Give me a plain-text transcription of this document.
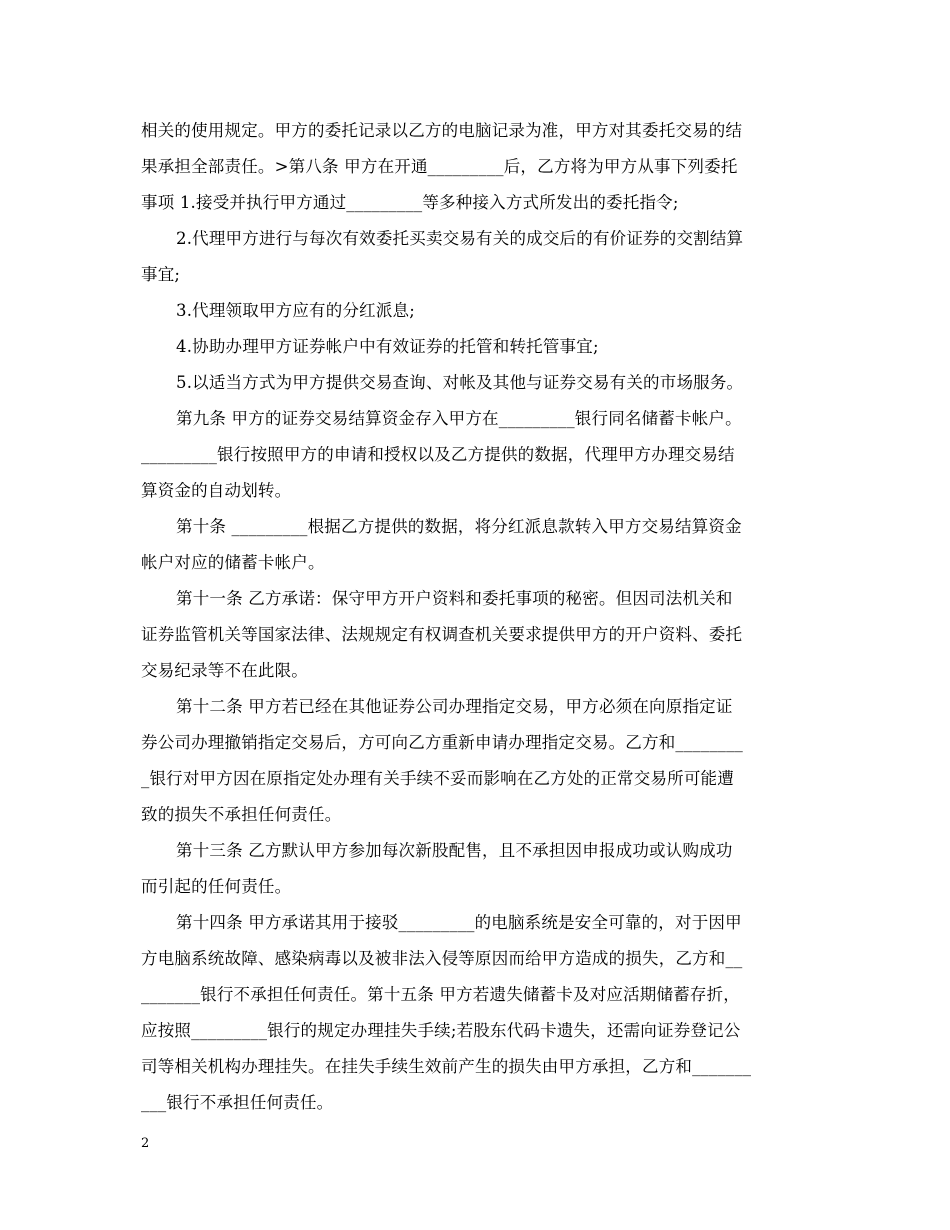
相关的使用规定。甲方的委托记录以乙方的电脑记录为准，甲方对其委托交易的结
果承担全部责任。>第八条 甲方在开通_________后，乙方将为甲方从事下列委托
事项 1.接受并执行甲方通过_________等多种接入方式所发出的委托指令;
2.代理甲方进行与每次有效委托买卖交易有关的成交后的有价证券的交割结算
事宜;
3.代理领取甲方应有的分红派息;
4.协助办理甲方证券帐户中有效证券的托管和转托管事宜;
5.以适当方式为甲方提供交易查询、对帐及其他与证券交易有关的市场服务。
第九条 甲方的证券交易结算资金存入甲方在_________银行同名储蓄卡帐户。
_________银行按照甲方的申请和授权以及乙方提供的数据，代理甲方办理交易结
算资金的自动划转。
第十条 _________根据乙方提供的数据，将分红派息款转入甲方交易结算资金
帐户对应的储蓄卡帐户。
第十一条 乙方承诺：保守甲方开户资料和委托事项的秘密。但因司法机关和
证券监管机关等国家法律、法规规定有权调查机关要求提供甲方的开户资料、委托
交易纪录等不在此限。
第十二条 甲方若已经在其他证券公司办理指定交易，甲方必须在向原指定证
券公司办理撤销指定交易后，方可向乙方重新申请办理指定交易。乙方和________
_银行对甲方因在原指定处办理有关手续不妥而影响在乙方处的正常交易所可能遭
致的损失不承担任何责任。
第十三条 乙方默认甲方参加每次新股配售，且不承担因申报成功或认购成功
而引起的任何责任。
第十四条 甲方承诺其用于接驳_________的电脑系统是安全可靠的，对于因甲
方电脑系统故障、感染病毒以及被非法入侵等原因而给甲方造成的损失，乙方和__
_______银行不承担任何责任。第十五条 甲方若遗失储蓄卡及对应活期储蓄存折，
应按照_________银行的规定办理挂失手续;若股东代码卡遗失，还需向证券登记公
司等相关机构办理挂失。在挂失手续生效前产生的损失由甲方承担，乙方和_______
___银行不承担任何责任。
2
